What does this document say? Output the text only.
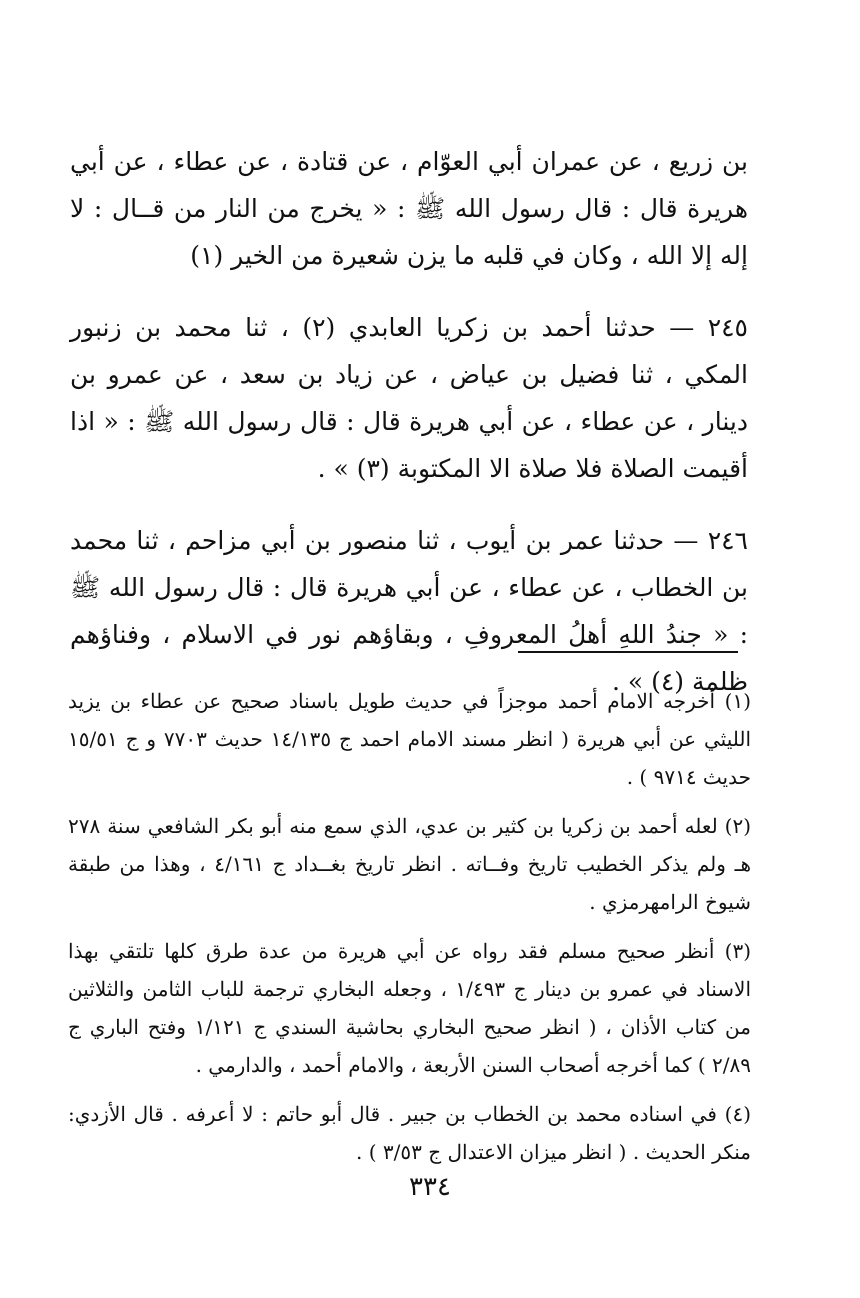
بن زريع ، عن عمران أبي العوّام ، عن قتادة ، عن عطاء ، عن أبي هريرة قال : قال رسول الله ﷺ : « يخرج من النار من قــال : لا إله إلا الله ، وكان في قلبه ما يزن شعيرة من الخير (١)

٢٤٥ — حدثنا أحمد بن زكريا العابدي (٢) ، ثنا محمد بن زنبور المكي ، ثنا فضيل بن عياض ، عن زياد بن سعد ، عن عمرو بن دينار ، عن عطاء ، عن أبي هريرة قال : قال رسول الله ﷺ : « اذا أقيمت الصلاة فلا صلاة الا المكتوبة (٣) » .

٢٤٦ — حدثنا عمر بن أيوب ، ثنا منصور بن أبي مزاحم ، ثنا محمد بن الخطاب ، عن عطاء ، عن أبي هريرة قال : قال رسول الله ﷺ : « جندُ اللهِ أهلُ المعروفِ ، وبقاؤهم نور في الاسلام ، وفناؤهم ظلمة (٤) » .

(١) أخرجه الامام أحمد موجزاً في حديث طويل باسناد صحيح عن عطاء بن يزيد الليثي عن أبي هريرة ( انظر مسند الامام احمد ج ١٤/١٣٥ حديث ٧٧٠٣ و ج ١٥/٥١ حديث ٩٧١٤ ) .

(٢) لعله أحمد بن زكريا بن كثير بن عدي، الذي سمع منه أبو بكر الشافعي سنة ٢٧٨ هـ ولم يذكر الخطيب تاريخ وفــاته . انظر تاريخ بغــداد ج ٤/١٦١ ، وهذا من طبقة شيوخ الرامهرمزي .

(٣) أنظر صحيح مسلم فقد رواه عن أبي هريرة من عدة طرق كلها تلتقي بهذا الاسناد في عمرو بن دينار ج ١/٤٩٣ ، وجعله البخاري ترجمة للباب الثامن والثلاثين من كتاب الأذان ، ( انظر صحيح البخاري بحاشية السندي ج ١/١٢١ وفتح الباري ج ٢/٨٩ ) كما أخرجه أصحاب السنن الأربعة ، والامام أحمد ، والدارمي .

(٤) في اسناده محمد بن الخطاب بن جبير . قال أبو حاتم : لا أعرفه . قال الأزدي: منكر الحديث . ( انظر ميزان الاعتدال ج ٣/٥٣ ) .

٣٣٤
